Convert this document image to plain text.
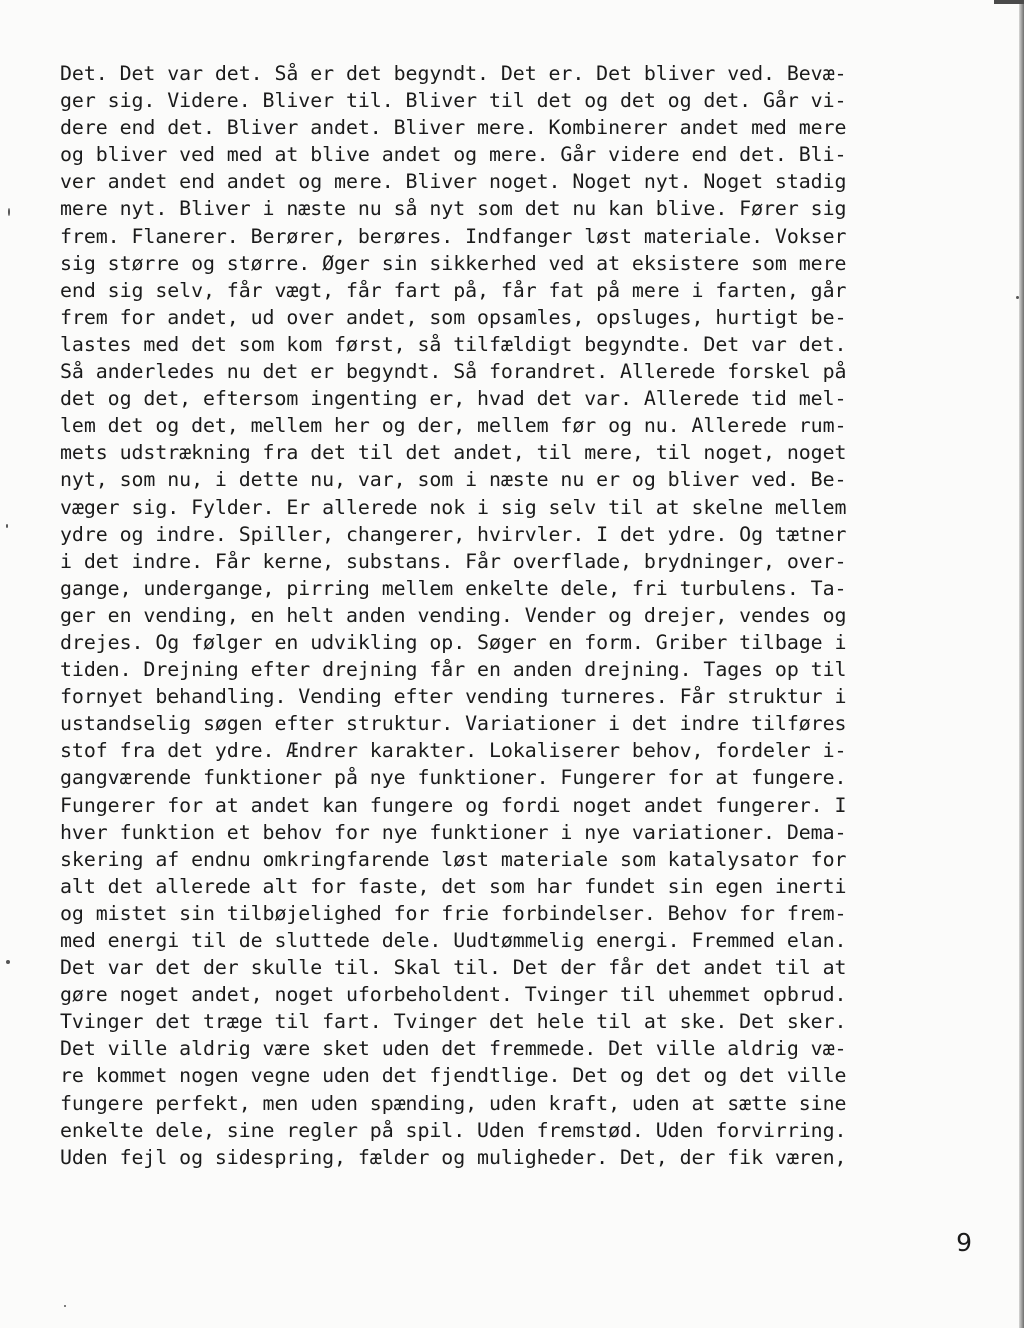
Det. Det var det. Så er det begyndt. Det er. Det bliver ved. Bevæ-
ger sig. Videre. Bliver til. Bliver til det og det og det. Går vi-
dere end det. Bliver andet. Bliver mere. Kombinerer andet med mere
og bliver ved med at blive andet og mere. Går videre end det. Bli-
ver andet end andet og mere. Bliver noget. Noget nyt. Noget stadig
mere nyt. Bliver i næste nu så nyt som det nu kan blive. Fører sig
frem. Flanerer. Berører, berøres. Indfanger løst materiale. Vokser
sig større og større. Øger sin sikkerhed ved at eksistere som mere
end sig selv, får vægt, får fart på, får fat på mere i farten, går
frem for andet, ud over andet, som opsamles, opsluges, hurtigt be-
lastes med det som kom først, så tilfældigt begyndte. Det var det.
Så anderledes nu det er begyndt. Så forandret. Allerede forskel på
det og det, eftersom ingenting er, hvad det var. Allerede tid mel-
lem det og det, mellem her og der, mellem før og nu. Allerede rum-
mets udstrækning fra det til det andet, til mere, til noget, noget
nyt, som nu, i dette nu, var, som i næste nu er og bliver ved. Be-
væger sig. Fylder. Er allerede nok i sig selv til at skelne mellem
ydre og indre. Spiller, changerer, hvirvler. I det ydre. Og tætner
i det indre. Får kerne, substans. Får overflade, brydninger, over-
gange, undergange, pirring mellem enkelte dele, fri turbulens. Ta-
ger en vending, en helt anden vending. Vender og drejer, vendes og
drejes. Og følger en udvikling op. Søger en form. Griber tilbage i
tiden. Drejning efter drejning får en anden drejning. Tages op til
fornyet behandling. Vending efter vending turneres. Får struktur i
ustandselig søgen efter struktur. Variationer i det indre tilføres
stof fra det ydre. Ændrer karakter. Lokaliserer behov, fordeler i-
gangværende funktioner på nye funktioner. Fungerer for at fungere.
Fungerer for at andet kan fungere og fordi noget andet fungerer. I
hver funktion et behov for nye funktioner i nye variationer. Dema-
skering af endnu omkringfarende løst materiale som katalysator for
alt det allerede alt for faste, det som har fundet sin egen inerti
og mistet sin tilbøjelighed for frie forbindelser. Behov for frem-
med energi til de sluttede dele. Uudtømmelig energi. Fremmed elan.
Det var det der skulle til. Skal til. Det der får det andet til at
gøre noget andet, noget uforbeholdent. Tvinger til uhemmet opbrud.
Tvinger det træge til fart. Tvinger det hele til at ske. Det sker.
Det ville aldrig være sket uden det fremmede. Det ville aldrig væ-
re kommet nogen vegne uden det fjendtlige. Det og det og det ville
fungere perfekt, men uden spænding, uden kraft, uden at sætte sine
enkelte dele, sine regler på spil. Uden fremstød. Uden forvirring.
Uden fejl og sidespring, fælder og muligheder. Det, der fik væren,
9
